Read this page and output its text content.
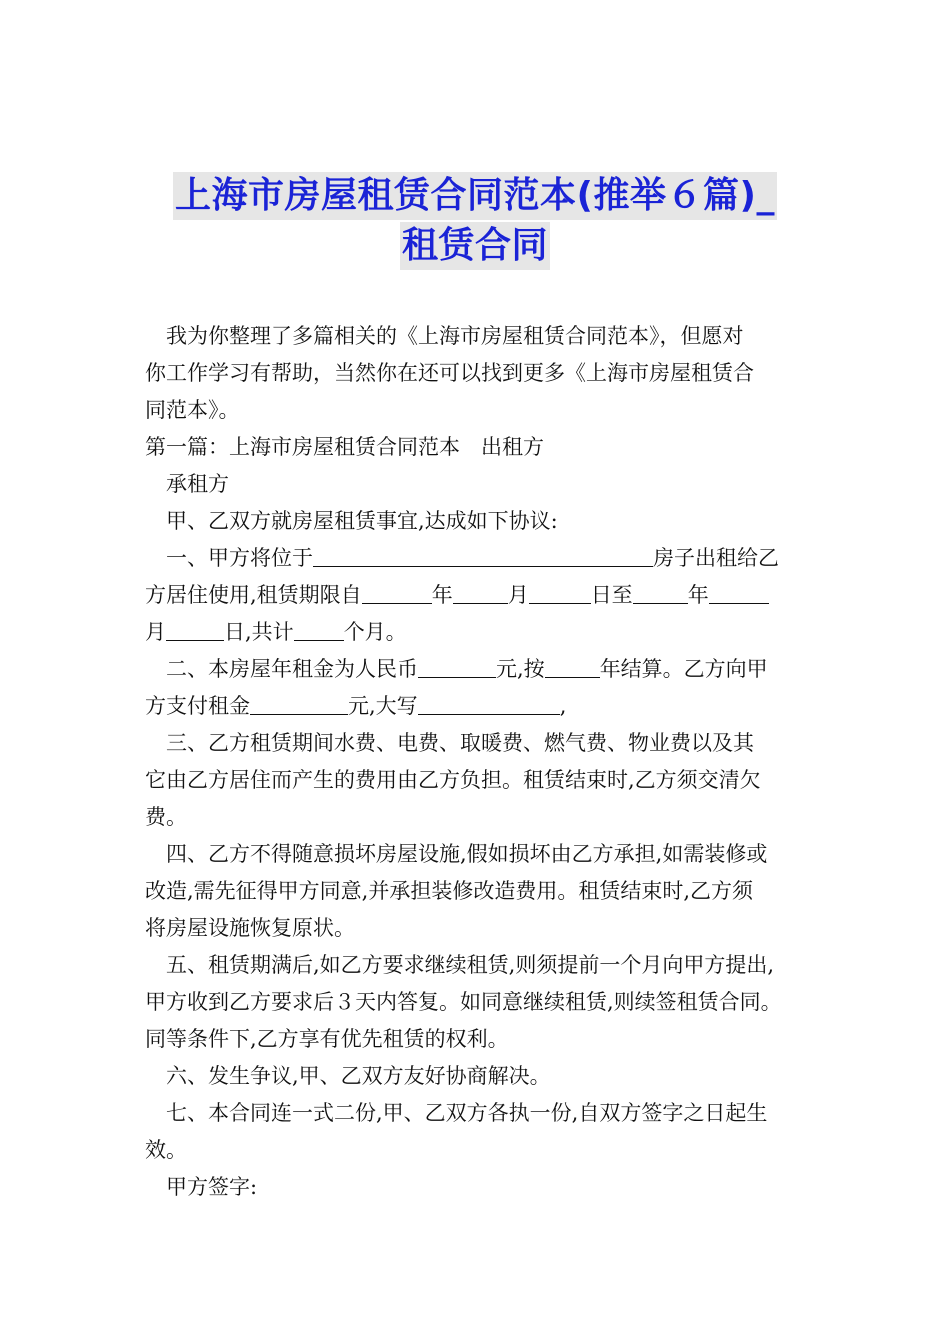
上海市房屋租赁合同范本(推举６篇)_
租赁合同
我为你整理了多篇相关的《上海市房屋租赁合同范本》，但愿对
你工作学习有帮助，当然你在还可以找到更多《上海市房屋租赁合
同范本》。
第一篇：上海市房屋租赁合同范本　出租方
承租方
甲、乙双方就房屋租赁事宜,达成如下协议:
一、甲方将位于	房子出租给乙
方居住使用,租赁期限自	年	月	日至	年
月	日,共计 个月。
二、本房屋年租金为人民币	元,按	年结算。乙方向甲
方支付租金	元,大写	,
三、乙方租赁期间水费、电费、取暖费、燃气费、物业费以及其
它由乙方居住而产生的费用由乙方负担。租赁结束时,乙方须交清欠
费。
四、乙方不得随意损坏房屋设施,假如损坏由乙方承担,如需装修或
改造,需先征得甲方同意,并承担装修改造费用。租赁结束时,乙方须
将房屋设施恢复原状。
五、租赁期满后,如乙方要求继续租赁,则须提前一个月向甲方提出,
甲方收到乙方要求后３天内答复。如同意继续租赁,则续签租赁合同。
同等条件下,乙方享有优先租赁的权利。
六、发生争议,甲、乙双方友好协商解决。
七、本合同连一式二份,甲、乙双方各执一份,自双方签字之日起生
效。
甲方签字:
